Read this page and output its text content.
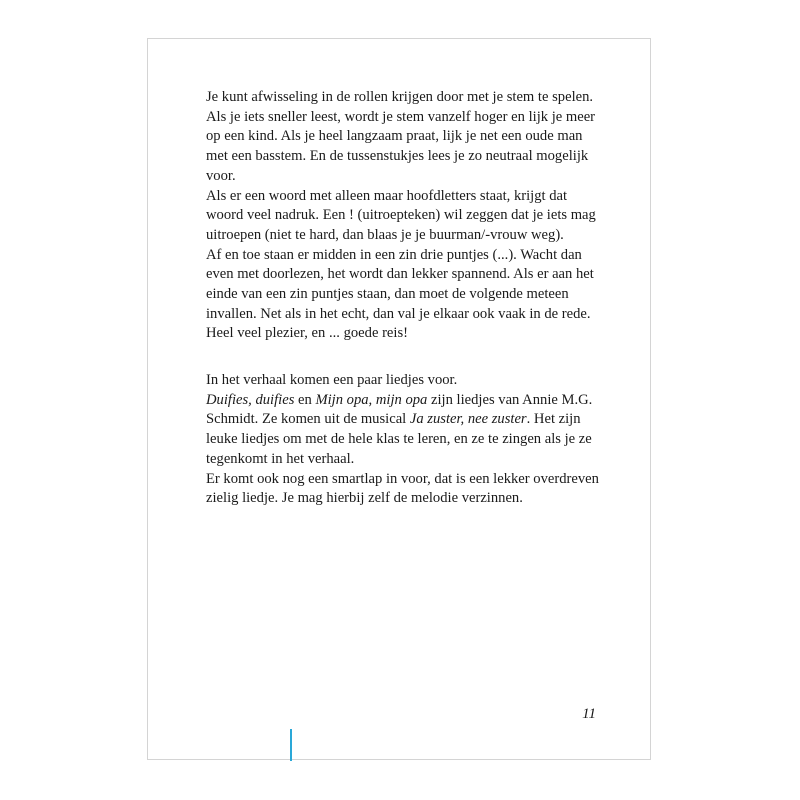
Je kunt afwisseling in de rollen krijgen door met je stem te spelen. Als je iets sneller leest, wordt je stem vanzelf hoger en lijk je meer op een kind. Als je heel langzaam praat, lijk je net een oude man met een basstem. En de tussenstukjes lees je zo neutraal mogelijk voor.

Als er een woord met alleen maar hoofdletters staat, krijgt dat woord veel nadruk. Een ! (uitroepteken) wil zeggen dat je iets mag uitroepen (niet te hard, dan blaas je je buurman/-vrouw weg).

Af en toe staan er midden in een zin drie puntjes (...). Wacht dan even met doorlezen, het wordt dan lekker spannend. Als er aan het einde van een zin puntjes staan, dan moet de volgende meteen invallen. Net als in het echt, dan val je elkaar ook vaak in de rede.

Heel veel plezier, en ... goede reis!

In het verhaal komen een paar liedjes voor.

Duifies, duifies en Mijn opa, mijn opa zijn liedjes van Annie M.G. Schmidt. Ze komen uit de musical Ja zuster, nee zuster. Het zijn leuke liedjes om met de hele klas te leren, en ze te zingen als je ze tegenkomt in het verhaal.

Er komt ook nog een smartlap in voor, dat is een lekker overdreven zielig liedje. Je mag hierbij zelf de melodie verzinnen.

11
